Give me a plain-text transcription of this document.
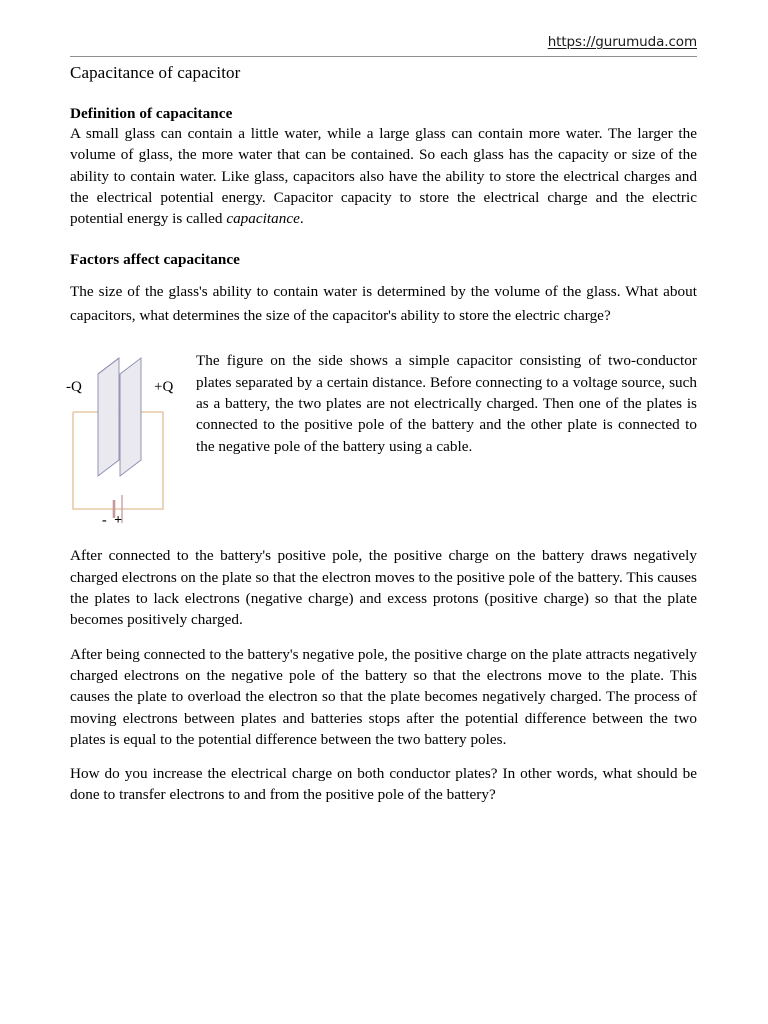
https://gurumuda.com
Capacitance of capacitor
Definition of capacitance

A small glass can contain a little water, while a large glass can contain more water. The larger the volume of glass, the more water that can be contained. So each glass has the capacity or size of the ability to contain water. Like glass, capacitors also have the ability to store the electrical charges and the electrical potential energy. Capacitor capacity to store the electrical charge and the electric potential energy is called capacitance.

Factors affect capacitance

The size of the glass's ability to contain water is determined by the volume of the glass. What about capacitors, what determines the size of the capacitor's ability to store the electric charge?

-Q	+Q
- +
The figure on the side shows a simple capacitor consisting of two-conductor plates separated by a certain distance. Before connecting to a voltage source, such as a battery, the two plates are not electrically charged. Then one of the plates is connected to the positive pole of the battery and the other plate is connected to the negative pole of the battery using a cable.

After connected to the battery's positive pole, the positive charge on the battery draws negatively charged electrons on the plate so that the electron moves to the positive pole of the battery. This causes the plates to lack electrons (negative charge) and excess protons (positive charge) so that the plate becomes positively charged.

After being connected to the battery's negative pole, the positive charge on the plate attracts negatively charged electrons on the negative pole of the battery so that the electrons move to the plate. This causes the plate to overload the electron so that the plate becomes negatively charged. The process of moving electrons between plates and batteries stops after the potential difference between the two plates is equal to the potential difference between the two battery poles.

How do you increase the electrical charge on both conductor plates? In other words, what should be done to transfer electrons to and from the positive pole of the battery?
